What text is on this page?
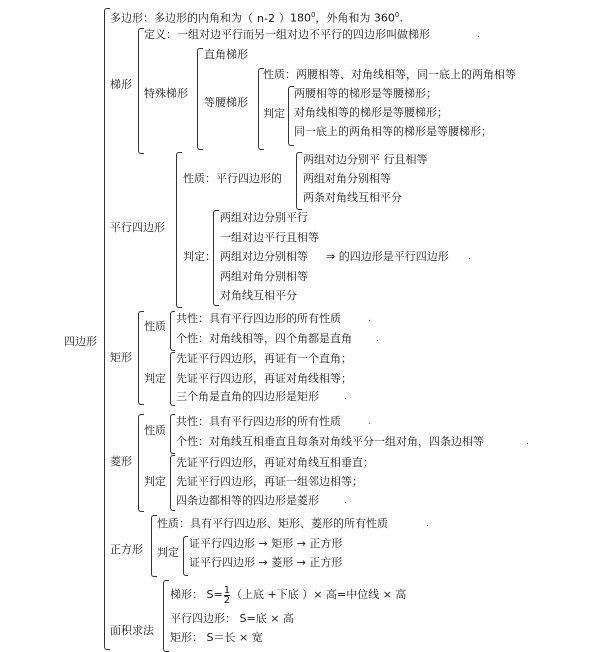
四边形
多边形：多边形的内角和为（ n-2 ）$180^0$，外角和为 $360^0$.
梯形
定义：一组对边平行而另一组对边不平行的四边形叫做梯形	.
特殊梯形
直角梯形
等腰梯形
性质：两腰相等、对角线相等，同一底上的两角相等
判定
两腰相等的梯形是等腰梯形；
对角线相等的梯形是等腰梯形；
同一底上的两角相等的梯形是等腰梯形；
平行四边形
性质：平行四边形的
两组对边分别平 行且相等
两组对角分别相等
两条对角线互相平分
判定：
两组对边分别平行
一组对边平行且相等
两组对边分别相等 ⇒ 的四边形是平行四边形 .
两组对角分别相等
对角线互相平分
矩形
性质
共性：具有平行四边形的所有性质	.
个性：对角线相等，四个角都是直角	.
判定
先证平行四边形，再证有一个直角；
先证平行四边形，再证对角线相等；
三个角是直角的四边形是矩形	.
菱形
性质
共性：具有平行四边形的所有性质	.
个性：对角线互相垂直且每条对角线平分一组对角，四条边相等	.
判定
先证平行四边形，再证对角线互相垂直；
先证平行四边形，再证一组邻边相等；
四条边都相等的四边形是菱形	.
正方形
性质：具有平行四边形、矩形、菱形的所有性质	.
判定
证平行四边形 → 矩形 → 正方形
证平行四边形 → 菱形 → 正方形
面积求法
梯形： $S= \frac{1}{2}$ （上底 +下底 ）× 高=中位线 × 高
平行四边形： S=底 × 高
矩形： S＝长 × 宽
